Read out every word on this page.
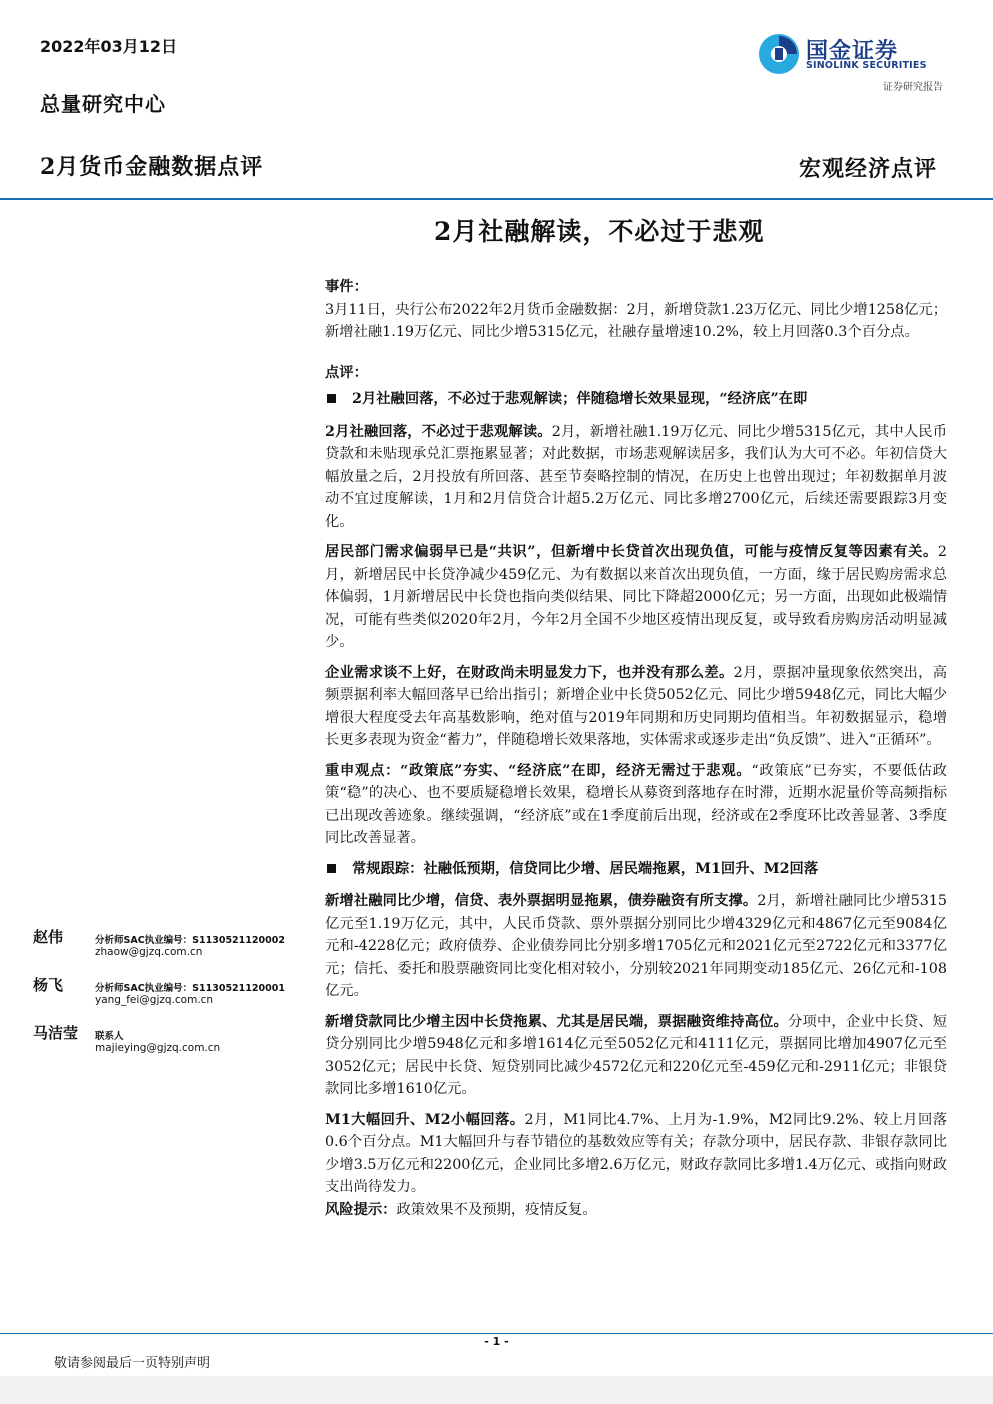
2022年03月12日
总量研究中心
2月货币金融数据点评	宏观经济点评
国金证券
SINOLINK SECURITIES
证券研究报告
2月社融解读，不必过于悲观

事件：

3月11日，央行公布2022年2月货币金融数据：2月，新增贷款1.23万亿元、同比少增1258亿元；新增社融1.19万亿元、同比少增5315亿元，社融存量增速10.2%，较上月回落0.3个百分点。

点评：

2月社融回落，不必过于悲观解读；伴随稳增长效果显现，“经济底”在即

2月社融回落，不必过于悲观解读。2月，新增社融1.19万亿元、同比少增5315亿元，其中人民币贷款和未贴现承兑汇票拖累显著；对此数据，市场悲观解读居多，我们认为大可不必。年初信贷大幅放量之后，2月投放有所回落、甚至节奏略控制的情况，在历史上也曾出现过；年初数据单月波动不宜过度解读，1月和2月信贷合计超5.2万亿元、同比多增2700亿元，后续还需要跟踪3月变化。

居民部门需求偏弱早已是“共识”，但新增中长贷首次出现负值，可能与疫情反复等因素有关。2月，新增居民中长贷净减少459亿元、为有数据以来首次出现负值，一方面，缘于居民购房需求总体偏弱，1月新增居民中长贷也指向类似结果、同比下降超2000亿元；另一方面，出现如此极端情况，可能有些类似2020年2月，今年2月全国不少地区疫情出现反复，或导致看房购房活动明显减少。

企业需求谈不上好，在财政尚未明显发力下，也并没有那么差。2月，票据冲量现象依然突出，高频票据利率大幅回落早已给出指引；新增企业中长贷5052亿元、同比少增5948亿元，同比大幅少增很大程度受去年高基数影响，绝对值与2019年同期和历史同期均值相当。年初数据显示，稳增长更多表现为资金“蓄力”，伴随稳增长效果落地，实体需求或逐步走出“负反馈”、进入“正循环”。

重申观点：“政策底”夯实、“经济底”在即，经济无需过于悲观。“政策底”已夯实，不要低估政策“稳”的决心、也不要质疑稳增长效果，稳增长从募资到落地存在时滞，近期水泥量价等高频指标已出现改善迹象。继续强调，“经济底”或在1季度前后出现，经济或在2季度环比改善显著、3季度同比改善显著。

常规跟踪：社融低预期，信贷同比少增、居民端拖累，M1回升、M2回落

新增社融同比少增，信贷、表外票据明显拖累，债券融资有所支撑。2月，新增社融同比少增5315亿元至1.19万亿元，其中，人民币贷款、票外票据分别同比少增4329亿元和4867亿元至9084亿元和-4228亿元；政府债券、企业债券同比分别多增1705亿元和2021亿元至2722亿元和3377亿元；信托、委托和股票融资同比变化相对较小，分别较2021年同期变动185亿元、26亿元和-108亿元。

新增贷款同比少增主因中长贷拖累、尤其是居民端，票据融资维持高位。分项中，企业中长贷、短贷分别同比少增5948亿元和多增1614亿元至5052亿元和4111亿元，票据同比增加4907亿元至3052亿元；居民中长贷、短贷别同比减少4572亿元和220亿元至-459亿元和-2911亿元；非银贷款同比多增1610亿元。

M1大幅回升、M2小幅回落。2月，M1同比4.7%、上月为-1.9%，M2同比9.2%、较上月回落0.6个百分点。M1大幅回升与春节错位的基数效应等有关；存款分项中，居民存款、非银存款同比少增3.5万亿元和2200亿元，企业同比多增2.6万亿元，财政存款同比多增1.4万亿元、或指向财政支出尚待发力。

风险提示：政策效果不及预期，疫情反复。

赵伟	分析师SAC执业编号：S1130521120002
zhaow@gjzq.com.cn
杨飞	分析师SAC执业编号：S1130521120001
yang_fei@gjzq.com.cn
马洁莹 联系人
majieying@gjzq.com.cn
- 1 -
敬请参阅最后一页特别声明
